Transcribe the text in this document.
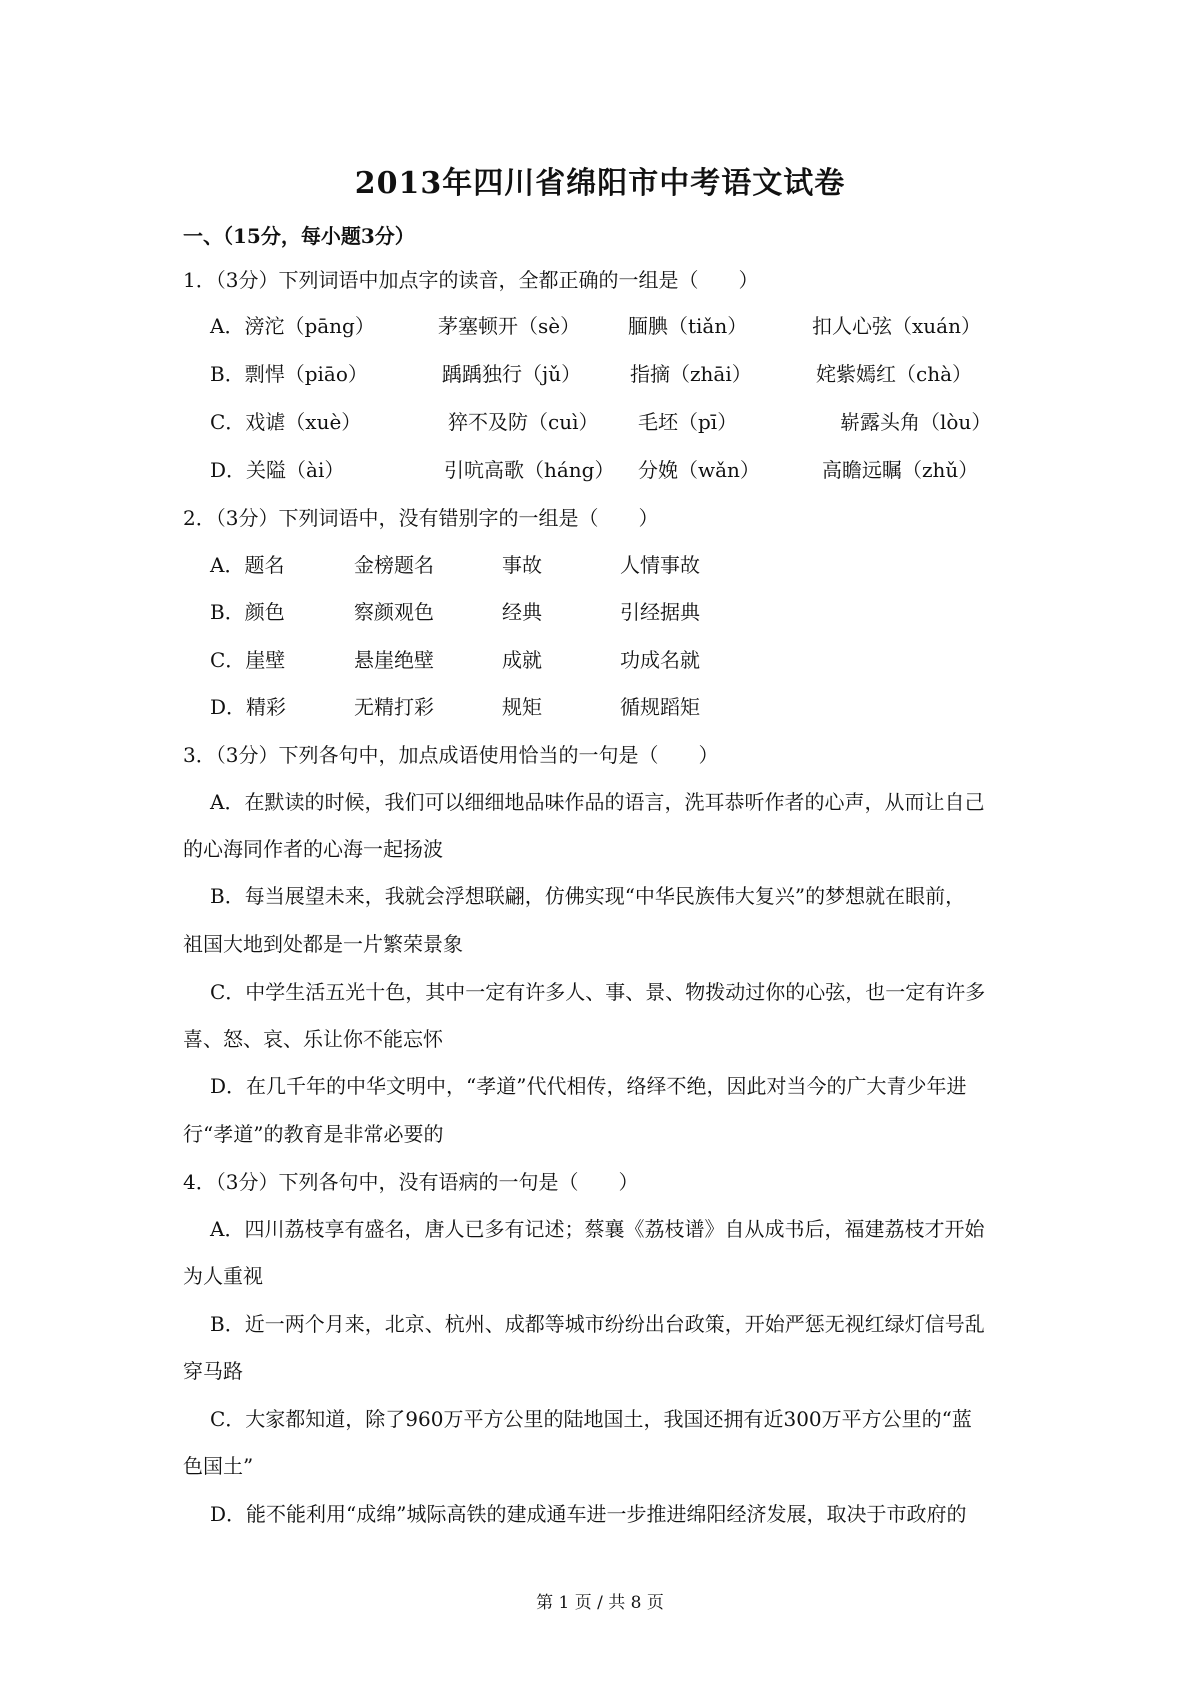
2013年四川省绵阳市中考语文试卷
一、（15分，每小题3分）
1．（3分）下列词语中加点字的读音，全都正确的一组是（　　）
A．滂沱（pāng）	茅塞顿开（sè） 腼腆（tiǎn）	扣人心弦（xuán）
B．剽悍（piāo）	踽踽独行（jǔ） 指摘（zhāi）	姹紫嫣红（chà）
C．戏谑（xuè）	猝不及防（cuì） 毛坯（pī）	崭露头角（lòu）
D．关隘（ài）	引吭高歌（háng） 分娩（wǎn）	高瞻远瞩（zhǔ）
2．（3分）下列词语中，没有错别字的一组是（　　）
A．题名	金榜题名	事故	人情事故
B．颜色	察颜观色	经典	引经据典
C．崖壁	悬崖绝壁	成就	功成名就
D．精彩	无精打彩	规矩	循规蹈矩
3．（3分）下列各句中，加点成语使用恰当的一句是（　　）
A．在默读的时候，我们可以细细地品味作品的语言，洗耳恭听作者的心声，从而让自己
的心海同作者的心海一起扬波
B．每当展望未来，我就会浮想联翩，仿佛实现“中华民族伟大复兴”的梦想就在眼前，
祖国大地到处都是一片繁荣景象
C．中学生活五光十色，其中一定有许多人、事、景、物拨动过你的心弦，也一定有许多
喜、怒、哀、乐让你不能忘怀
D．在几千年的中华文明中，“孝道”代代相传，络绎不绝，因此对当今的广大青少年进
行“孝道”的教育是非常必要的
4．（3分）下列各句中，没有语病的一句是（　　）
A．四川荔枝享有盛名，唐人已多有记述；蔡襄《荔枝谱》自从成书后，福建荔枝才开始
为人重视
B．近一两个月来，北京、杭州、成都等城市纷纷出台政策，开始严惩无视红绿灯信号乱
穿马路
C．大家都知道，除了960万平方公里的陆地国土，我国还拥有近300万平方公里的“蓝
色国土”
D．能不能利用“成绵”城际高铁的建成通车进一步推进绵阳经济发展，取决于市政府的
第 1 页 / 共 8 页
